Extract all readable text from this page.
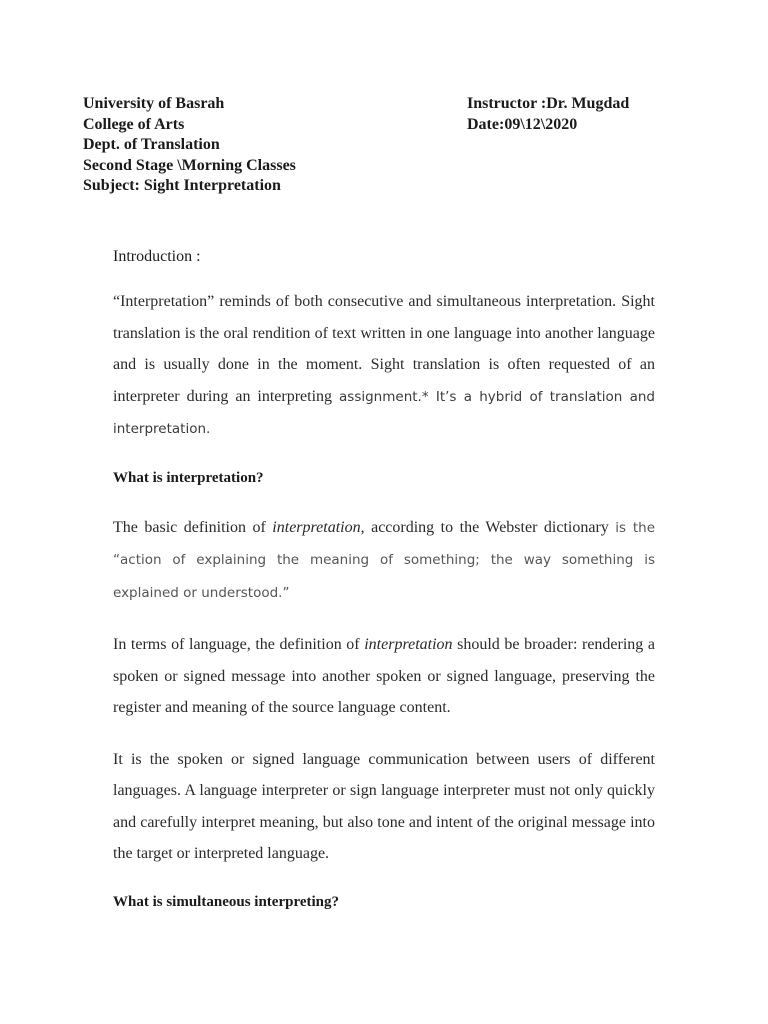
University of Basrah
College of Arts
Dept. of Translation
Second Stage \Morning Classes
Subject: Sight Interpretation
Instructor :Dr. Mugdad
Date:09\12\2020
Introduction :

“Interpretation” reminds of both consecutive and simultaneous interpretation. Sight translation is the oral rendition of text written in one language into another language and is usually done in the moment. Sight translation is often requested of an interpreter during an interpreting assignment.* It’s a hybrid of translation and interpretation.

What is interpretation?

The basic definition of interpretation, according to the Webster dictionary is the “action of explaining the meaning of something; the way something is explained or understood.”

In terms of language, the definition of interpretation should be broader: rendering a spoken or signed message into another spoken or signed language, preserving the register and meaning of the source language content.

It is the spoken or signed language communication between users of different languages. A language interpreter or sign language interpreter must not only quickly and carefully interpret meaning, but also tone and intent of the original message into the target or interpreted language.

What is simultaneous interpreting?
